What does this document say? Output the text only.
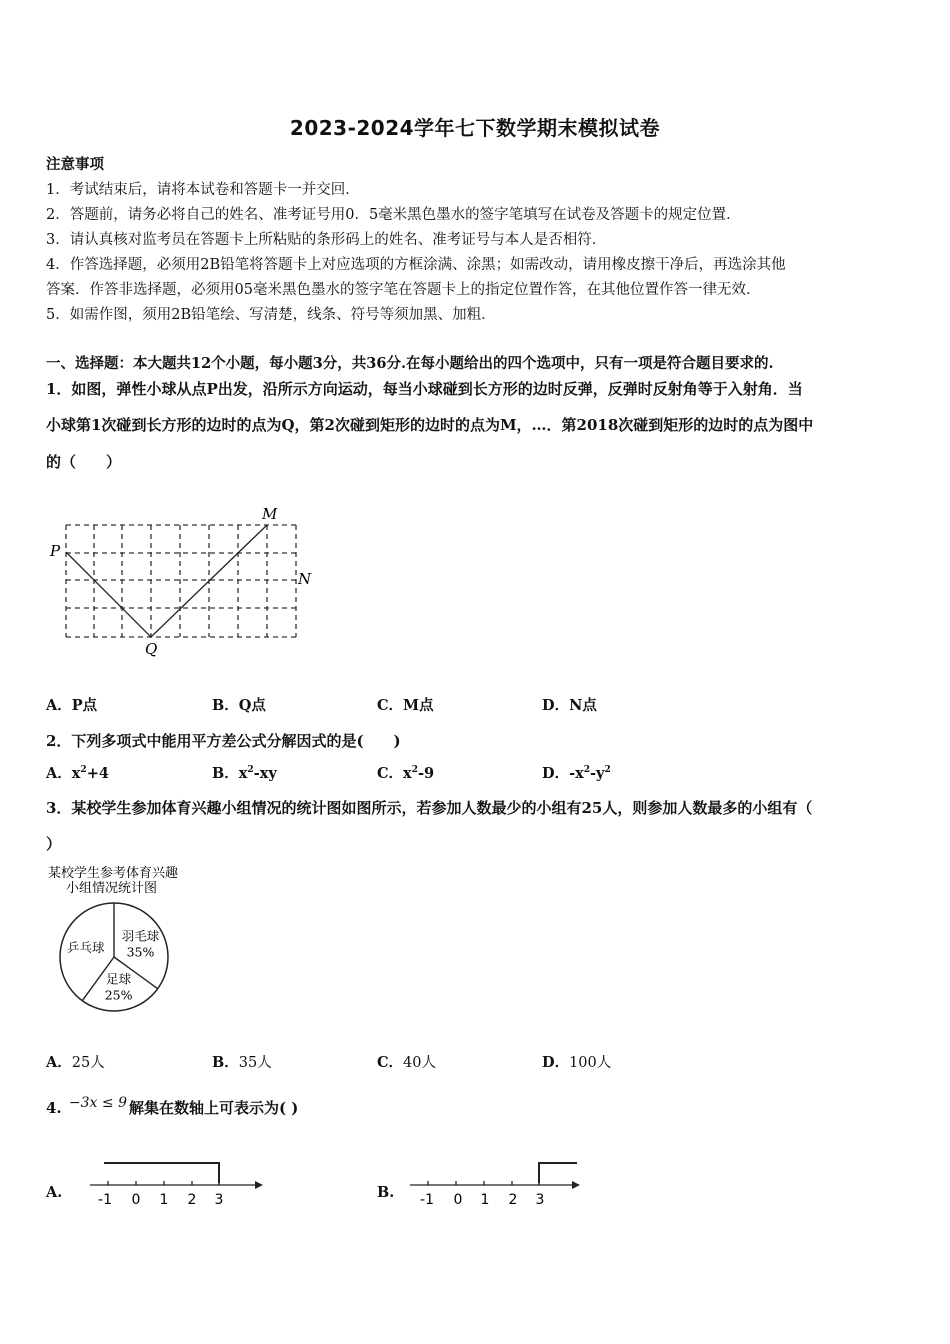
2023-2024学年七下数学期末模拟试卷
注意事项
1．考试结束后，请将本试卷和答题卡一并交回．
2．答题前，请务必将自己的姓名、准考证号用0．5毫米黑色墨水的签字笔填写在试卷及答题卡的规定位置．
3．请认真核对监考员在答题卡上所粘贴的条形码上的姓名、准考证号与本人是否相符．
4．作答选择题，必须用2B铅笔将答题卡上对应选项的方框涂满、涂黑；如需改动，请用橡皮擦干净后，再选涂其他
答案．作答非选择题，必须用05毫米黑色墨水的签字笔在答题卡上的指定位置作答，在其他位置作答一律无效．
5．如需作图，须用2B铅笔绘、写清楚，线条、符号等须加黑、加粗．
一、选择题：本大题共12个小题，每小题3分，共36分.在每小题给出的四个选项中，只有一项是符合题目要求的.
1．如图，弹性小球从点P出发，沿所示方向运动，每当小球碰到长方形的边时反弹，反弹时反射角等于入射角．当
小球第1次碰到长方形的边时的点为Q，第2次碰到矩形的边时的点为M，…．第2018次碰到矩形的边时的点为图中
的（　　）
P
Q
M
N
A．P点	B．Q点	C．M点	D．N点
2．下列多项式中能用平方差公式分解因式的是(　　)
A．$x^2+4$	B．$x^2-xy$	C．$x^2-9$	D．$-x^2-y^2$
3．某校学生参加体育兴趣小组情况的统计图如图所示，若参加人数最少的小组有25人，则参加人数最多的小组有（
）
某校学生参考体育兴趣
小组情况统计图
乒乓球
羽毛球
35%
足球
25%
A．25人	B．35人	C．40人	D．100人
4. −3x ≤ 9 解集在数轴上可表示为( )
A.	-1 0 1 2 3	B. -1 0 1 2 3
